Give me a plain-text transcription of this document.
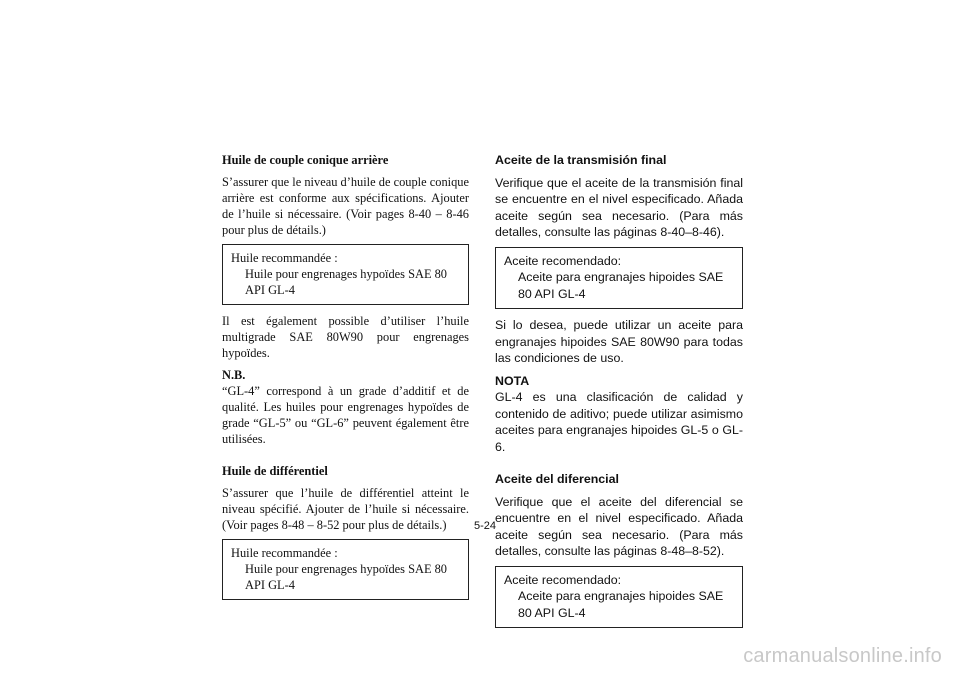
Huile de couple conique arrière

S’assurer que le niveau d’huile de couple conique arrière est conforme aux spécifications. Ajouter de l’huile si nécessaire. (Voir pages 8-40 – 8-46 pour plus de détails.)

Huile recommandée :
Huile pour engrenages hypoïdes SAE 80 API GL-4

Il est également possible d’utiliser l’huile multigrade SAE 80W90 pour engrenages hypoïdes.

N.B.

“GL-4” correspond à un grade d’additif et de qualité. Les huiles pour engrenages hypoïdes de grade “GL-5” ou “GL-6” peuvent également être utilisées.

Huile de différentiel

S’assurer que l’huile de différentiel atteint le niveau spécifié. Ajouter de l’huile si nécessaire. (Voir pages 8-48 – 8-52 pour plus de détails.)

Huile recommandée :
Huile pour engrenages hypoïdes SAE 80 API GL-4
Aceite de la transmisión final

Verifique que el aceite de la transmisión final se encuentre en el nivel especificado. Añada aceite según sea necesario. (Para más detalles, consulte las páginas 8-40–8-46).

Aceite recomendado:
Aceite para engranajes hipoides SAE 80 API GL-4

Si lo desea, puede utilizar un aceite para engranajes hipoides SAE 80W90 para todas las condiciones de uso.

NOTA

GL-4 es una clasificación de calidad y contenido de aditivo; puede utilizar asimismo aceites para engranajes hipoides GL-5 o GL-6.

Aceite del diferencial

Verifique que el aceite del diferencial se encuentre en el nivel especificado. Añada aceite según sea necesario. (Para más detalles, consulte las páginas 8-48–8-52).

Aceite recomendado:
Aceite para engranajes hipoides SAE 80 API GL-4
5-24
carmanualsonline.info
